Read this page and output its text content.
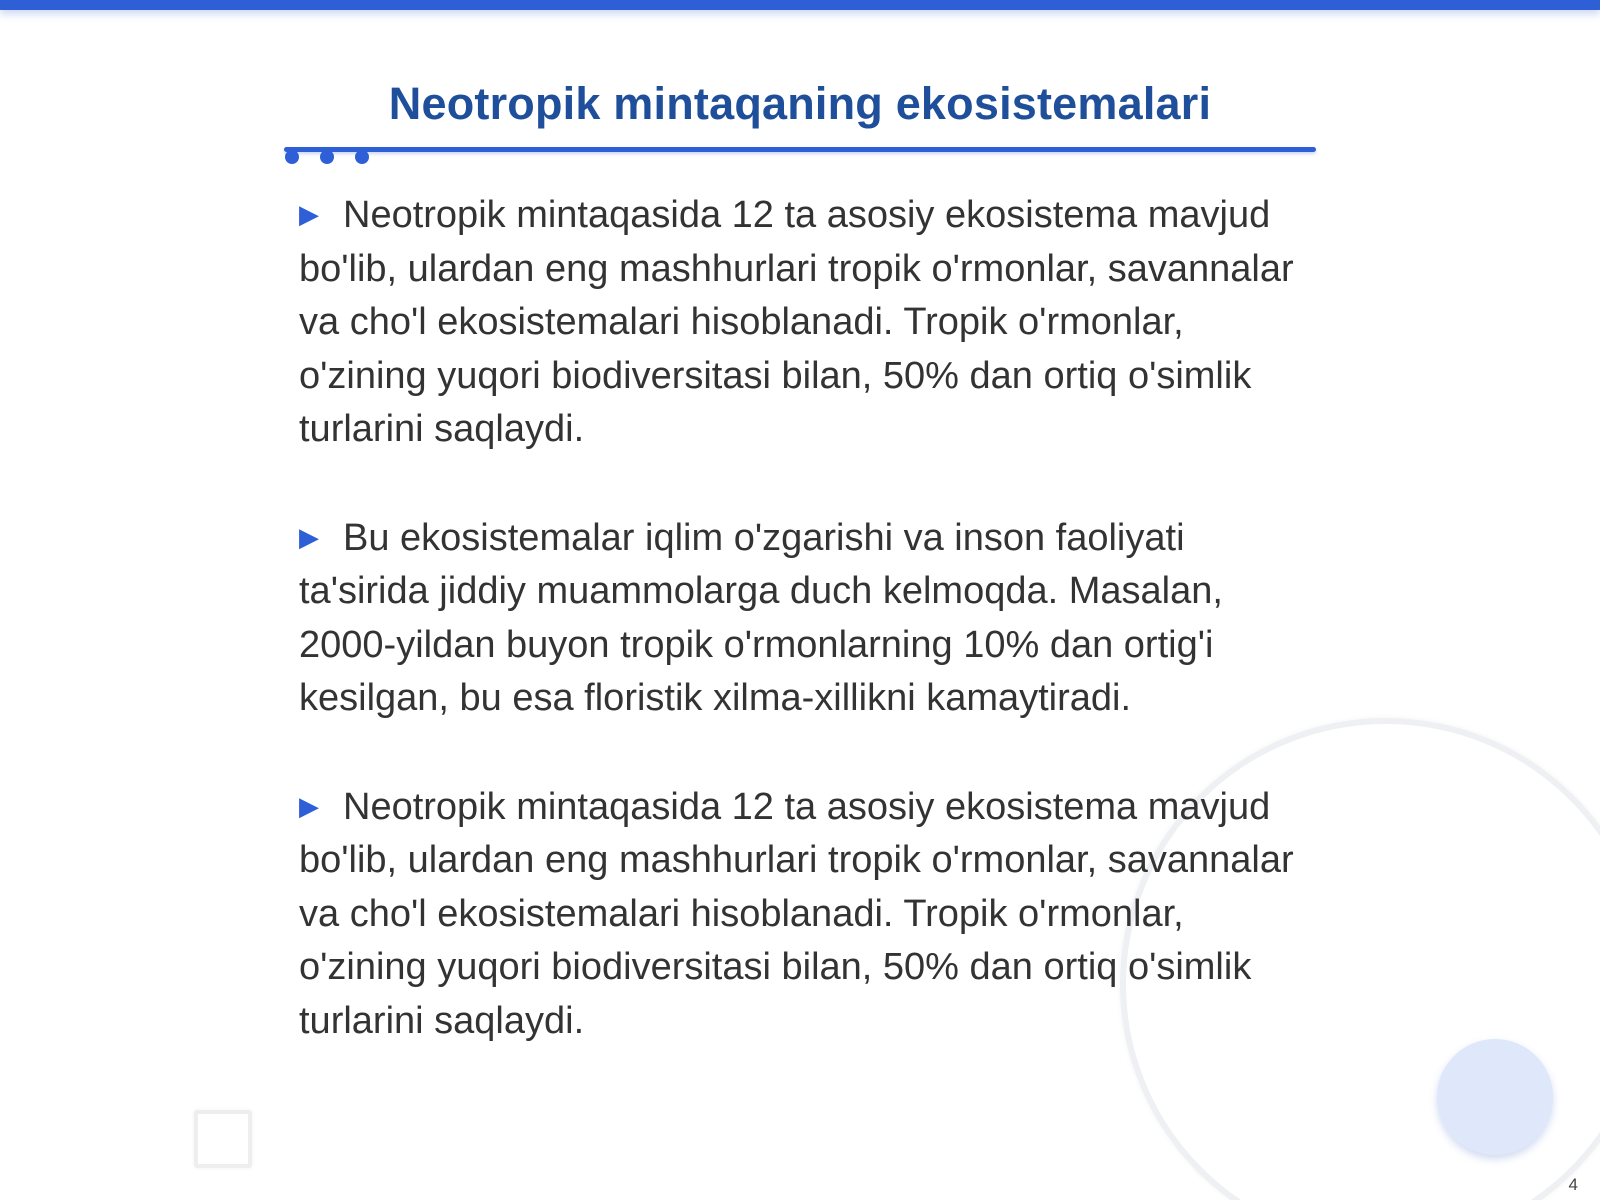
Neotropik mintaqaning ekosistemalari

▶ Neotropik mintaqasida 12 ta asosiy ekosistema mavjud bo'lib, ulardan eng mashhurlari tropik o'rmonlar, savannalar va cho'l ekosistemalari hisoblanadi. Tropik o'rmonlar, o'zining yuqori biodiversitasi bilan, 50% dan ortiq o'simlik turlarini saqlaydi.

▶ Bu ekosistemalar iqlim o'zgarishi va inson faoliyati ta'sirida jiddiy muammolarga duch kelmoqda. Masalan, 2000-yildan buyon tropik o'rmonlarning 10% dan ortig'i kesilgan, bu esa floristik xilma-xillikni kamaytiradi.

▶ Neotropik mintaqasida 12 ta asosiy ekosistema mavjud bo'lib, ulardan eng mashhurlari tropik o'rmonlar, savannalar va cho'l ekosistemalari hisoblanadi. Tropik o'rmonlar, o'zining yuqori biodiversitasi bilan, 50% dan ortiq o'simlik turlarini saqlaydi.

4
